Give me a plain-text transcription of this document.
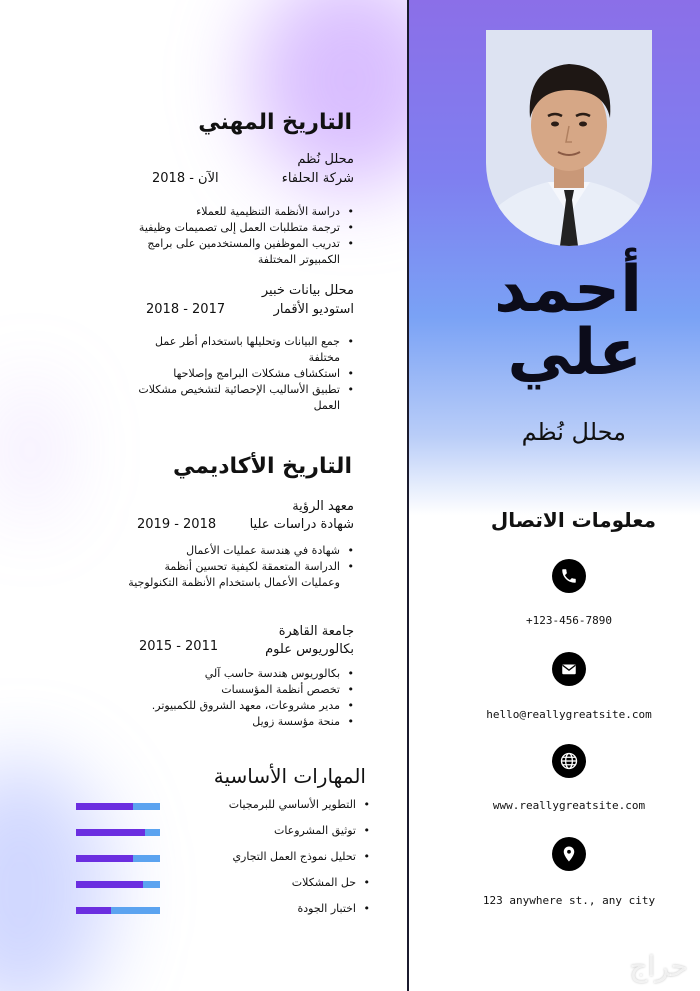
أحمد
علي
محلل نُظم
معلومات الاتصال
+123-456-7890
hello@reallygreatsite.com
www.reallygreatsite.com
123 anywhere st., any city
التاريخ المهني
محلل نُظم
شركة الحلفاء
الآن - 2018
• دراسة الأنظمة التنظيمية للعملاء
• ترجمة متطلبات العمل إلى تصميمات وظيفية
• تدريب الموظفين والمستخدمين على برامج الكمبيوتر المختلفة
محلل بيانات خبير
استوديو الأقمار
2018 - 2017
• جمع البيانات وتحليلها باستخدام أطر عمل مختلفة
• استكشاف مشكلات البرامج وإصلاحها
• تطبيق الأساليب الإحصائية لتشخيص مشكلات العمل
التاريخ الأكاديمي
معهد الرؤية
شهادة دراسات عليا
2019 - 2018
• شهادة في هندسة عمليات الأعمال
• الدراسة المتعمقة لكيفية تحسين أنظمة وعمليات الأعمال باستخدام الأنظمة التكنولوجية
جامعة القاهرة
بكالوريوس علوم
2015 - 2011
• بكالوريوس هندسة حاسب آلي
• تخصص أنظمة المؤسسات
• مدير مشروعات، معهد الشروق للكمبيوتر.
• منحة مؤسسة زويل
المهارات الأساسية
• التطوير الأساسي للبرمجيات
• توثيق المشروعات
• تحليل نموذج العمل التجاري
• حل المشكلات
• اختبار الجودة
حراج
